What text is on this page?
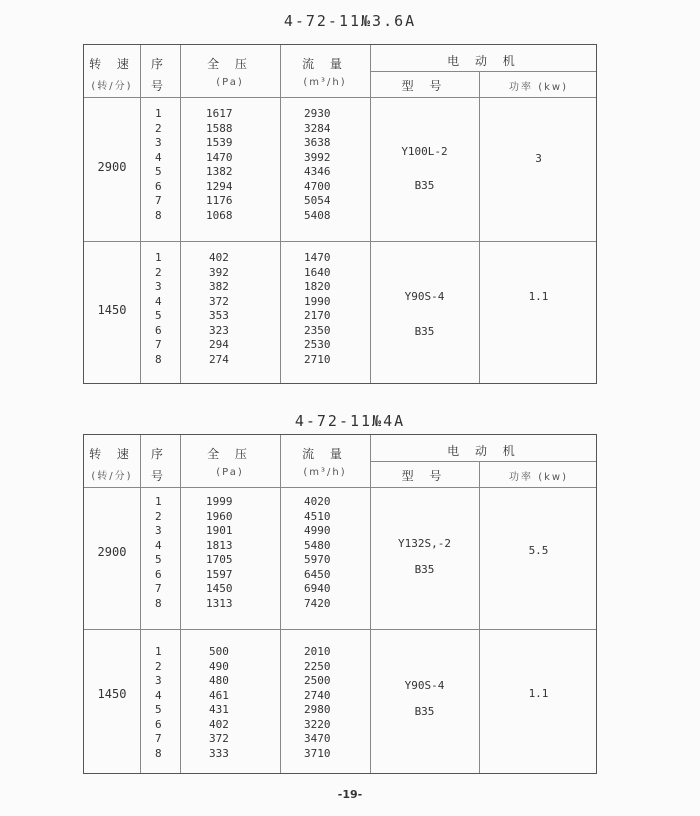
4-72-11№3.6A
转 速
(转/分)
序
号
全 压
(Pa)
流 量
(m³/h)
电 动 机
型 号	功率 (kw)
2900
1
2
3
4
5
6
7
8
1617
1588
1539
1470
1382
1294
1176
1068
2930
3284
3638
3992
4346
4700
5054
5408
Y100L-2
B35
3
1450
1
2
3
4
5
6
7
8
402
392
382
372
353
323
294
274
1470
1640
1820
1990
2170
2350
2530
2710
Y90S-4
B35
1.1
4-72-11№4A
转 速
(转/分)
序
号
全 压
(Pa)
流 量
(m³/h)
电 动 机
型 号	功率 (kw)
2900
1
2
3
4
5
6
7
8
1999
1960
1901
1813
1705
1597
1450
1313
4020
4510
4990
5480
5970
6450
6940
7420
Y132S,-2
B35
5.5
1450
1
2
3
4
5
6
7
8
500
490
480
461
431
402
372
333
2010
2250
2500
2740
2980
3220
3470
3710
Y90S-4
B35
1.1
-19-
